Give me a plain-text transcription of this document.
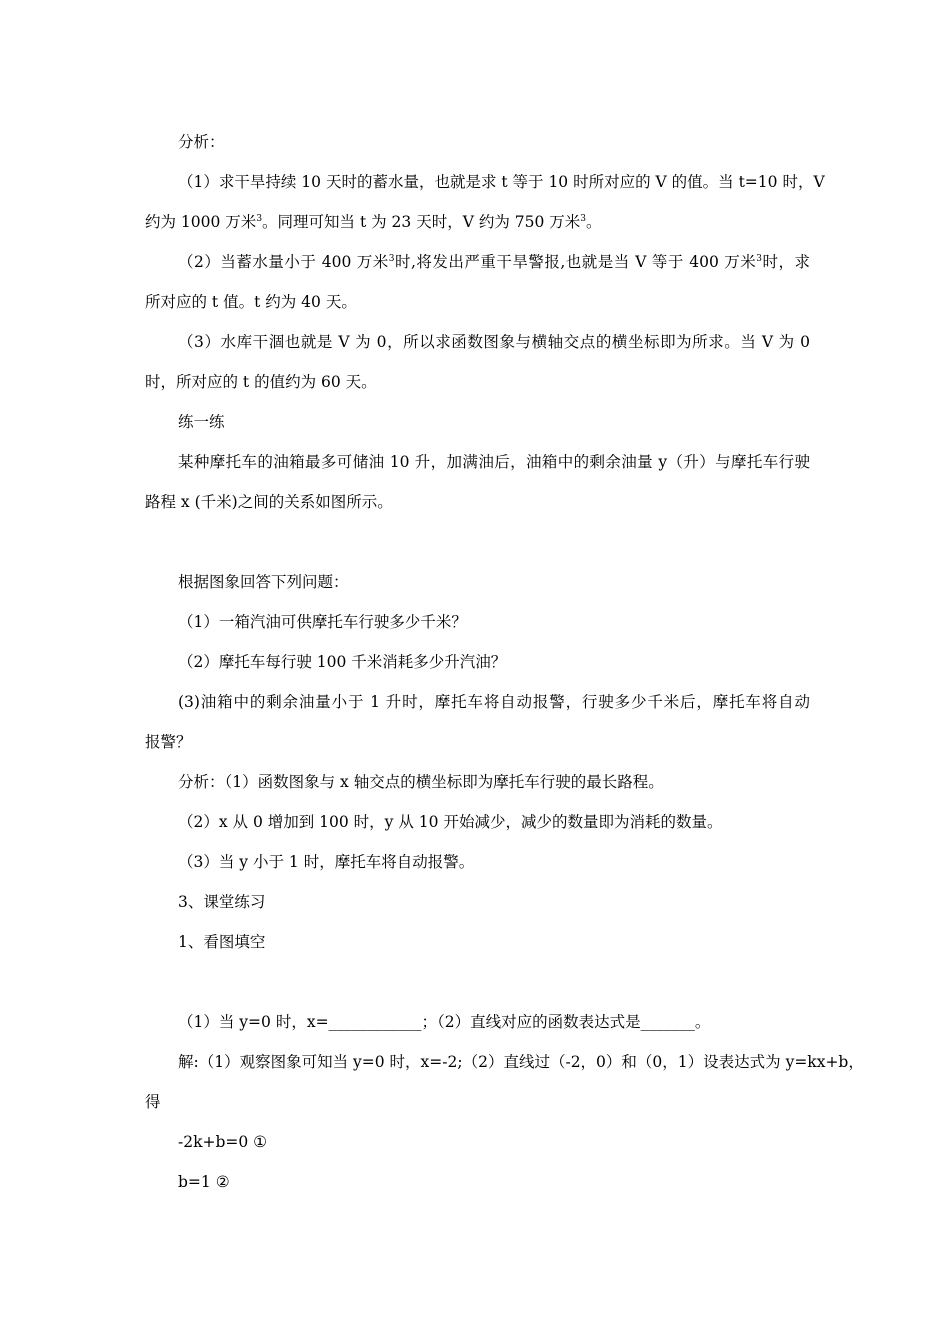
分析：
（1）求干旱持续 10 天时的蓄水量，也就是求 t 等于 10 时所对应的 V 的值。当 t=10 时，V
约为 1000 万米$^3$。同理可知当 t 为 23 天时，V 约为 750 万米$^3$。
（2）当蓄水量小于 400 万米$^3$时,将发出严重干旱警报,也就是当 V 等于 400 万米$^3$时，求
所对应的 t 值。t 约为 40 天。
（3）水库干涸也就是 V 为 0，所以求函数图象与横轴交点的横坐标即为所求。当 V 为 0
时，所对应的 t 的值约为 60 天。
练一练
某种摩托车的油箱最多可储油 10 升，加满油后，油箱中的剩余油量 y（升）与摩托车行驶
路程 x (千米)之间的关系如图所示。
根据图象回答下列问题：
（1）一箱汽油可供摩托车行驶多少千米？
（2）摩托车每行驶 100 千米消耗多少升汽油？
(3)油箱中的剩余油量小于 1 升时，摩托车将自动报警，行驶多少千米后，摩托车将自动
报警？
分析：（1）函数图象与 x 轴交点的横坐标即为摩托车行驶的最长路程。
（2）x 从 0 增加到 100 时，y 从 10 开始减少，减少的数量即为消耗的数量。
（3）当 y 小于 1 时，摩托车将自动报警。
3、课堂练习
1、看图填空
（1）当 y=0 时，x=____________；（2）直线对应的函数表达式是_______。
解:（1）观察图象可知当 y=0 时，x=-2;（2）直线过（-2，0）和（0，1）设表达式为 y=kx+b，
得
-2k+b=0 ①
b=1 ②
